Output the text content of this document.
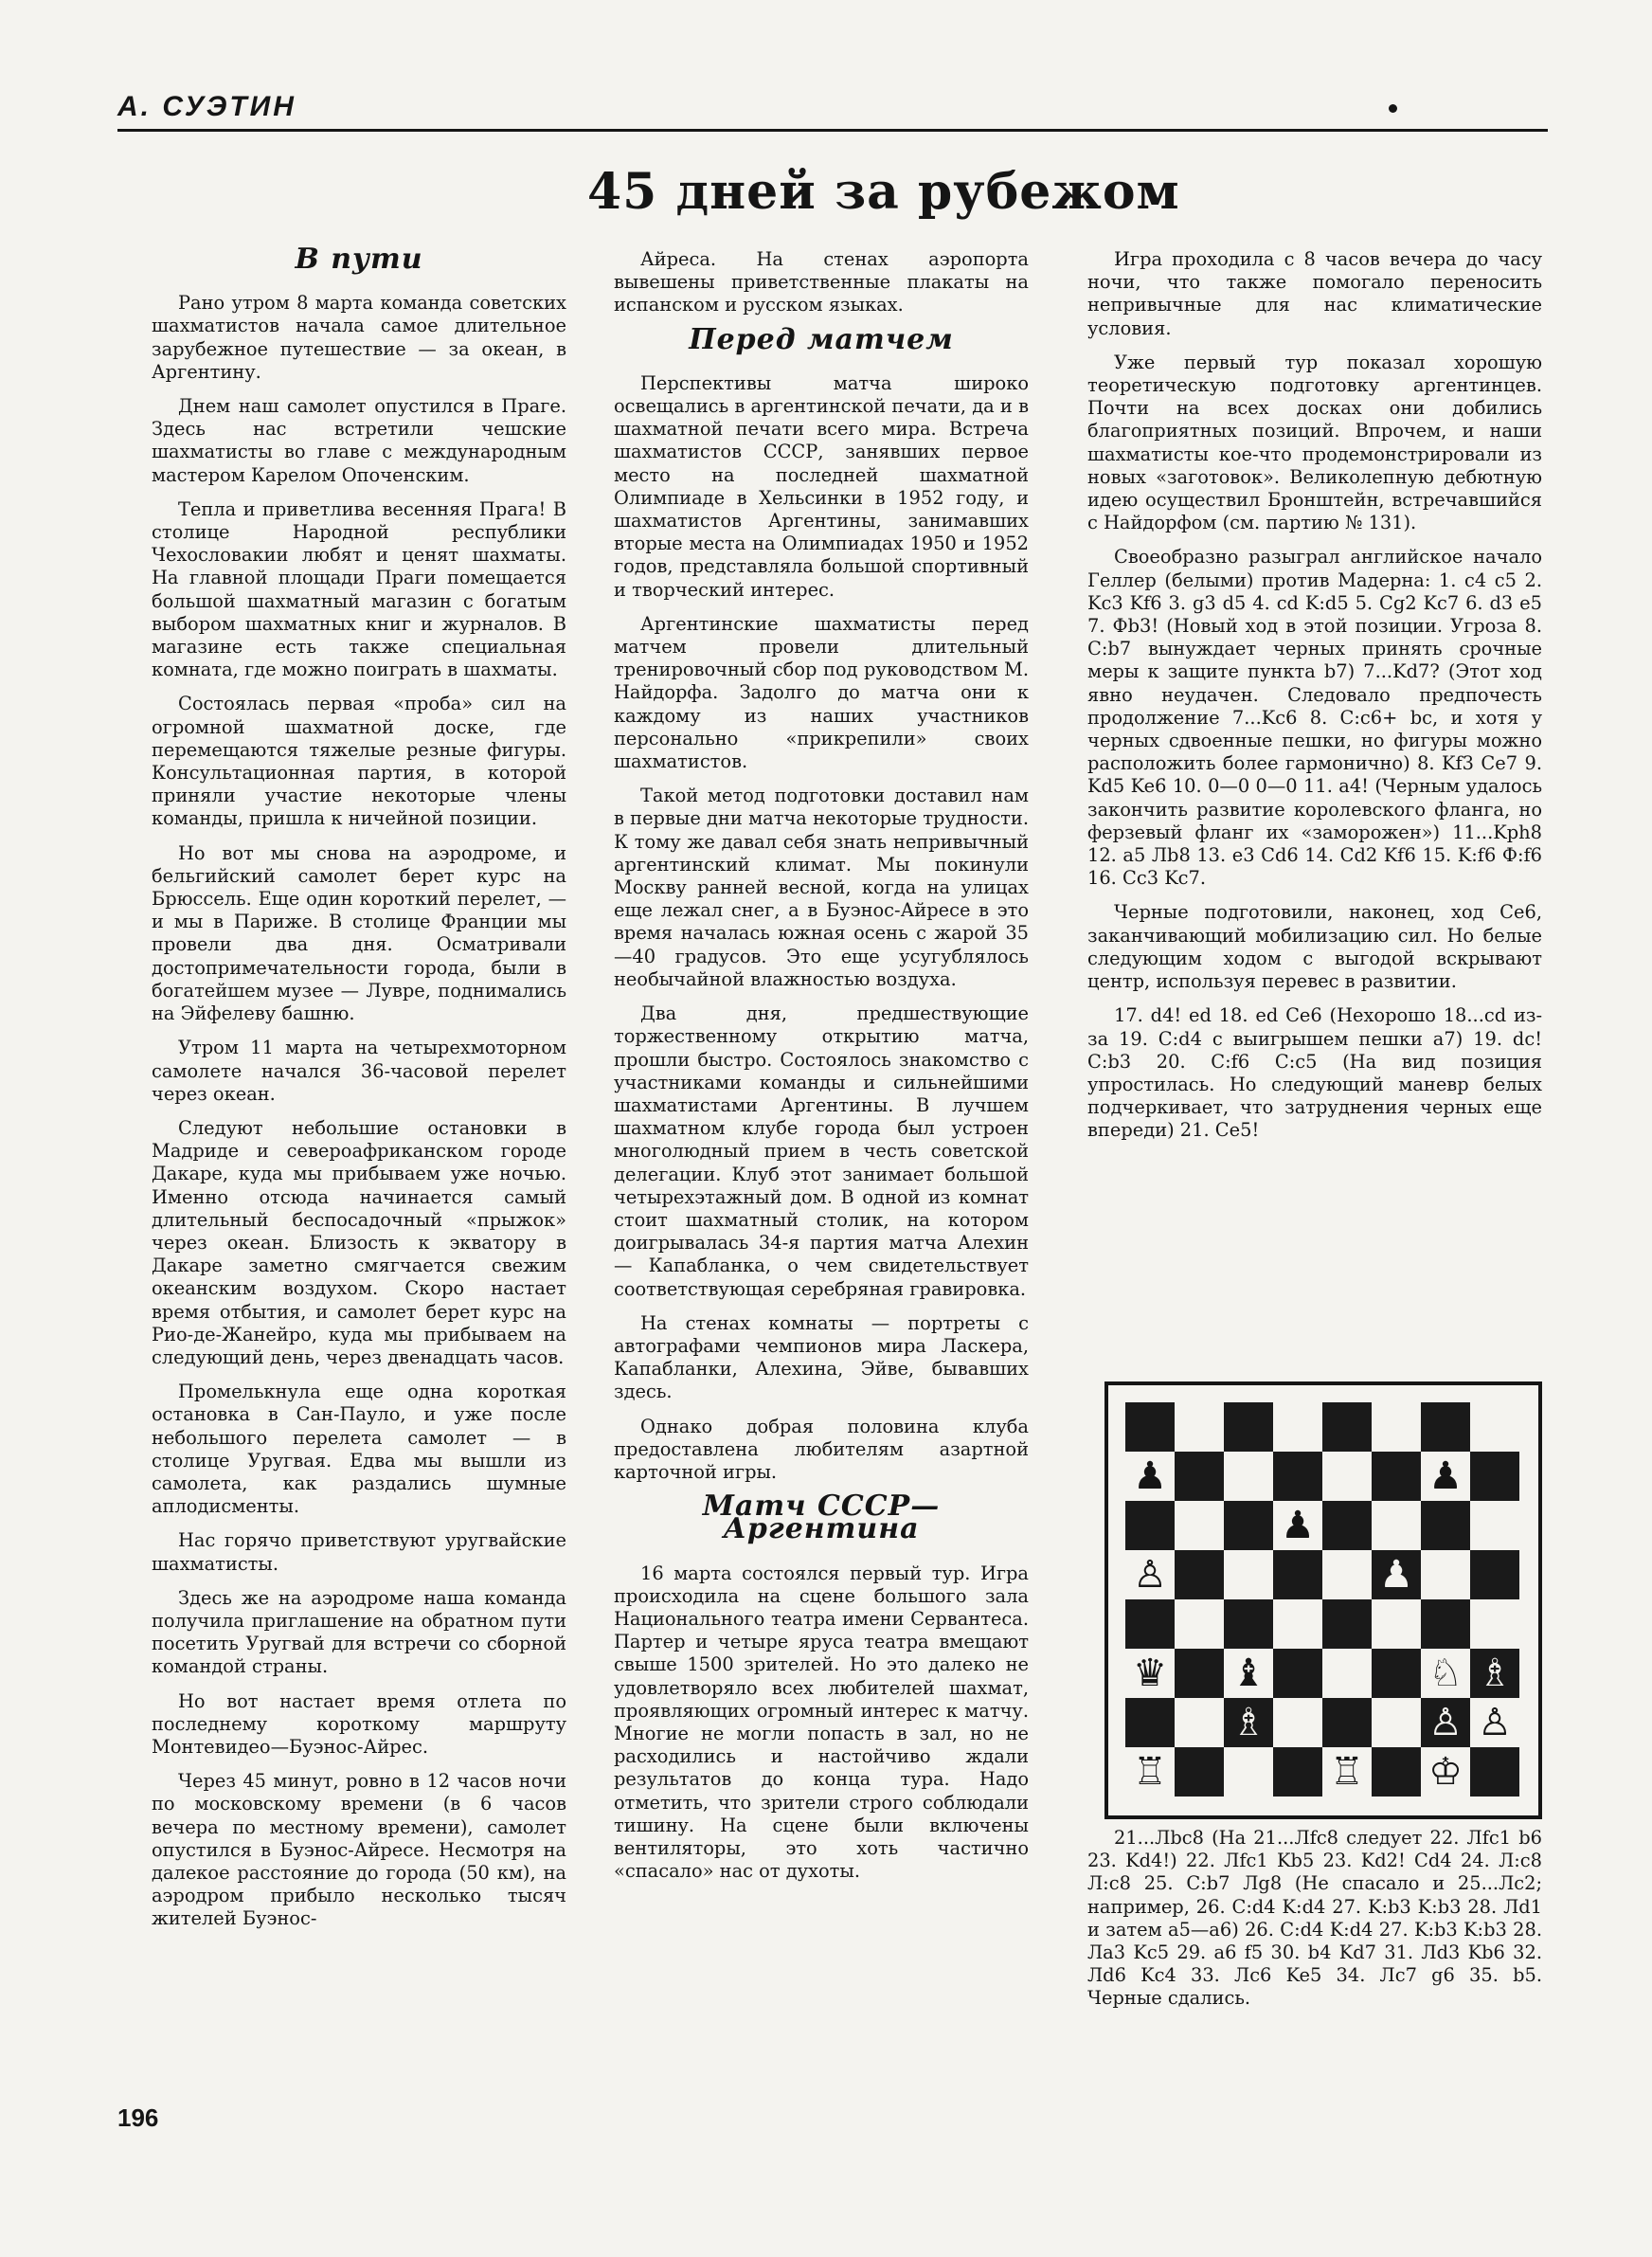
А. СУЭТИН
45 дней за рубежом
В пути

Рано утром 8 марта команда советских шахматистов начала самое длительное зарубежное путешествие — за океан, в Аргентину.

Днем наш самолет опустился в Праге. Здесь нас встретили чешские шахматисты во главе с международным мастером Карелом Опоченским.

Тепла и приветлива весенняя Прага! В столице Народной республики Чехословакии любят и ценят шахматы. На главной площади Праги помещается большой шахматный магазин с богатым выбором шахматных книг и журналов. В магазине есть также специальная комната, где можно поиграть в шахматы.

Состоялась первая «проба» сил на огромной шахматной доске, где перемещаются тяжелые резные фигуры. Консультационная партия, в которой приняли участие некоторые члены команды, пришла к ничейной позиции.

Но вот мы снова на аэродроме, и бельгийский самолет берет курс на Брюссель. Еще один короткий перелет, — и мы в Париже. В столице Франции мы провели два дня. Осматривали достопримечательности города, были в богатейшем музее — Лувре, поднимались на Эйфелеву башню.

Утром 11 марта на четырехмоторном самолете начался 36-часовой перелет через океан.

Следуют небольшие остановки в Мадриде и североафриканском городе Дакаре, куда мы прибываем уже ночью. Именно отсюда начинается самый длительный беспосадочный «прыжок» через океан. Близость к экватору в Дакаре заметно смягчается свежим океанским воздухом. Скоро настает время отбытия, и самолет берет курс на Рио-де-Жанейро, куда мы прибываем на следующий день, через двенадцать часов.

Промелькнула еще одна короткая остановка в Сан-Пауло, и уже после небольшого перелета самолет — в столице Уругвая. Едва мы вышли из самолета, как раздались шумные аплодисменты.

Нас горячо приветствуют уругвайские шахматисты.

Здесь же на аэродроме наша команда получила приглашение на обратном пути посетить Уругвай для встречи со сборной командой страны.

Но вот настает время отлета по последнему короткому маршруту Монтевидео—Буэнос-Айрес.

Через 45 минут, ровно в 12 часов ночи по московскому времени (в 6 часов вечера по местному времени), самолет опустился в Буэнос-Айресе. Несмотря на далекое расстояние до города (50 км), на аэродром прибыло несколько тысяч жителей Буэнос-

Айреса. На стенах аэропорта вывешены приветственные плакаты на испанском и русском языках.

Перед матчем

Перспективы матча широко освещались в аргентинской печати, да и в шахматной печати всего мира. Встреча шахматистов СССР, занявших первое место на последней шахматной Олимпиаде в Хельсинки в 1952 году, и шахматистов Аргентины, занимавших вторые места на Олимпиадах 1950 и 1952 годов, представляла большой спортивный и творческий интерес.

Аргентинские шахматисты перед матчем провели длительный тренировочный сбор под руководством М. Найдорфа. Задолго до матча они к каждому из наших участников персонально «прикрепили» своих шахматистов.

Такой метод подготовки доставил нам в первые дни матча некоторые трудности. К тому же давал себя знать непривычный аргентинский климат. Мы покинули Москву ранней весной, когда на улицах еще лежал снег, а в Буэнос-Айресе в это время началась южная осень с жарой 35—40 градусов. Это еще усугублялось необычайной влажностью воздуха.

Два дня, предшествующие торжественному открытию матча, прошли быстро. Состоялось знакомство с участниками команды и сильнейшими шахматистами Аргентины. В лучшем шахматном клубе города был устроен многолюдный прием в честь советской делегации. Клуб этот занимает большой четырехэтажный дом. В одной из комнат стоит шахматный столик, на котором доигрывалась 34-я партия матча Алехин — Капабланка, о чем свидетельствует соответствующая серебряная гравировка.

На стенах комнаты — портреты с автографами чемпионов мира Ласкера, Капабланки, Алехина, Эйве, бывавших здесь.

Однако добрая половина клуба предоставлена любителям азартной карточной игры.

Матч СССР—Аргентина

16 марта состоялся первый тур. Игра происходила на сцене большого зала Национального театра имени Сервантеса. Партер и четыре яруса театра вмещают свыше 1500 зрителей. Но это далеко не удовлетворяло всех любителей шахмат, проявляющих огромный интерес к матчу. Многие не могли попасть в зал, но не расходились и настойчиво ждали результатов до конца тура. Надо отметить, что зрители строго соблюдали тишину. На сцене были включены вентиляторы, это хоть частично «спасало» нас от духоты.

Игра проходила с 8 часов вечера до часу ночи, что также помогало переносить непривычные для нас климатические условия.

Уже первый тур показал хорошую теоретическую подготовку аргентинцев. Почти на всех досках они добились благоприятных позиций. Впрочем, и наши шахматисты кое-что продемонстрировали из новых «заготовок». Великолепную дебютную идею осуществил Бронштейн, встречавшийся с Найдорфом (см. партию № 131).

Своеобразно разыграл английское начало Геллер (белыми) против Мадерна: 1. c4 c5 2. Kc3 Kf6 3. g3 d5 4. cd K:d5 5. Cg2 Kc7 6. d3 e5 7. Фb3! (Новый ход в этой позиции. Угроза 8. C:b7 вынуждает черных принять срочные меры к защите пункта b7) 7...Kd7? (Этот ход явно неудачен. Следовало предпочесть продолжение 7...Kc6 8. C:c6+ bc, и хотя у черных сдвоенные пешки, но фигуры можно расположить более гармонично) 8. Kf3 Ce7 9. Kd5 Ke6 10. 0—0 0—0 11. a4! (Черным удалось закончить развитие королевского фланга, но ферзевый фланг их «заморожен») 11...Kph8 12. a5 Лb8 13. e3 Cd6 14. Cd2 Kf6 15. K:f6 Ф:f6 16. Cc3 Kc7.

Черные подготовили, наконец, ход Ce6, заканчивающий мобилизацию сил. Но белые следующим ходом с выгодой вскрывают центр, используя перевес в развитии.

17. d4! ed 18. ed Ce6 (Нехорошо 18...cd из-за 19. C:d4 с выигрышем пешки a7) 19. dc! C:b3 20. C:f6 C:c5 (На вид позиция упростилась. Но следующий маневр белых подчеркивает, что затруднения черных еще впереди) 21. Ce5!

♟	♟
♟
♙	♟
♛ ♝	♘ ♗
♗	♙ ♙
♖	♖ ♔

21...Лbc8 (На 21...Лfc8 следует 22. Лfc1 b6 23. Kd4!) 22. Лfc1 Kb5 23. Kd2! Cd4 24. Л:c8 Л:c8 25. C:b7 Лg8 (Не спасало и 25...Лc2; например, 26. C:d4 K:d4 27. K:b3 K:b3 28. Лd1 и затем a5—a6) 26. C:d4 K:d4 27. K:b3 K:b3 28. Лa3 Kc5 29. a6 f5 30. b4 Kd7 31. Лd3 Kb6 32. Лd6 Kc4 33. Лc6 Ke5 34. Лc7 g6 35. b5. Черные сдались.

196
